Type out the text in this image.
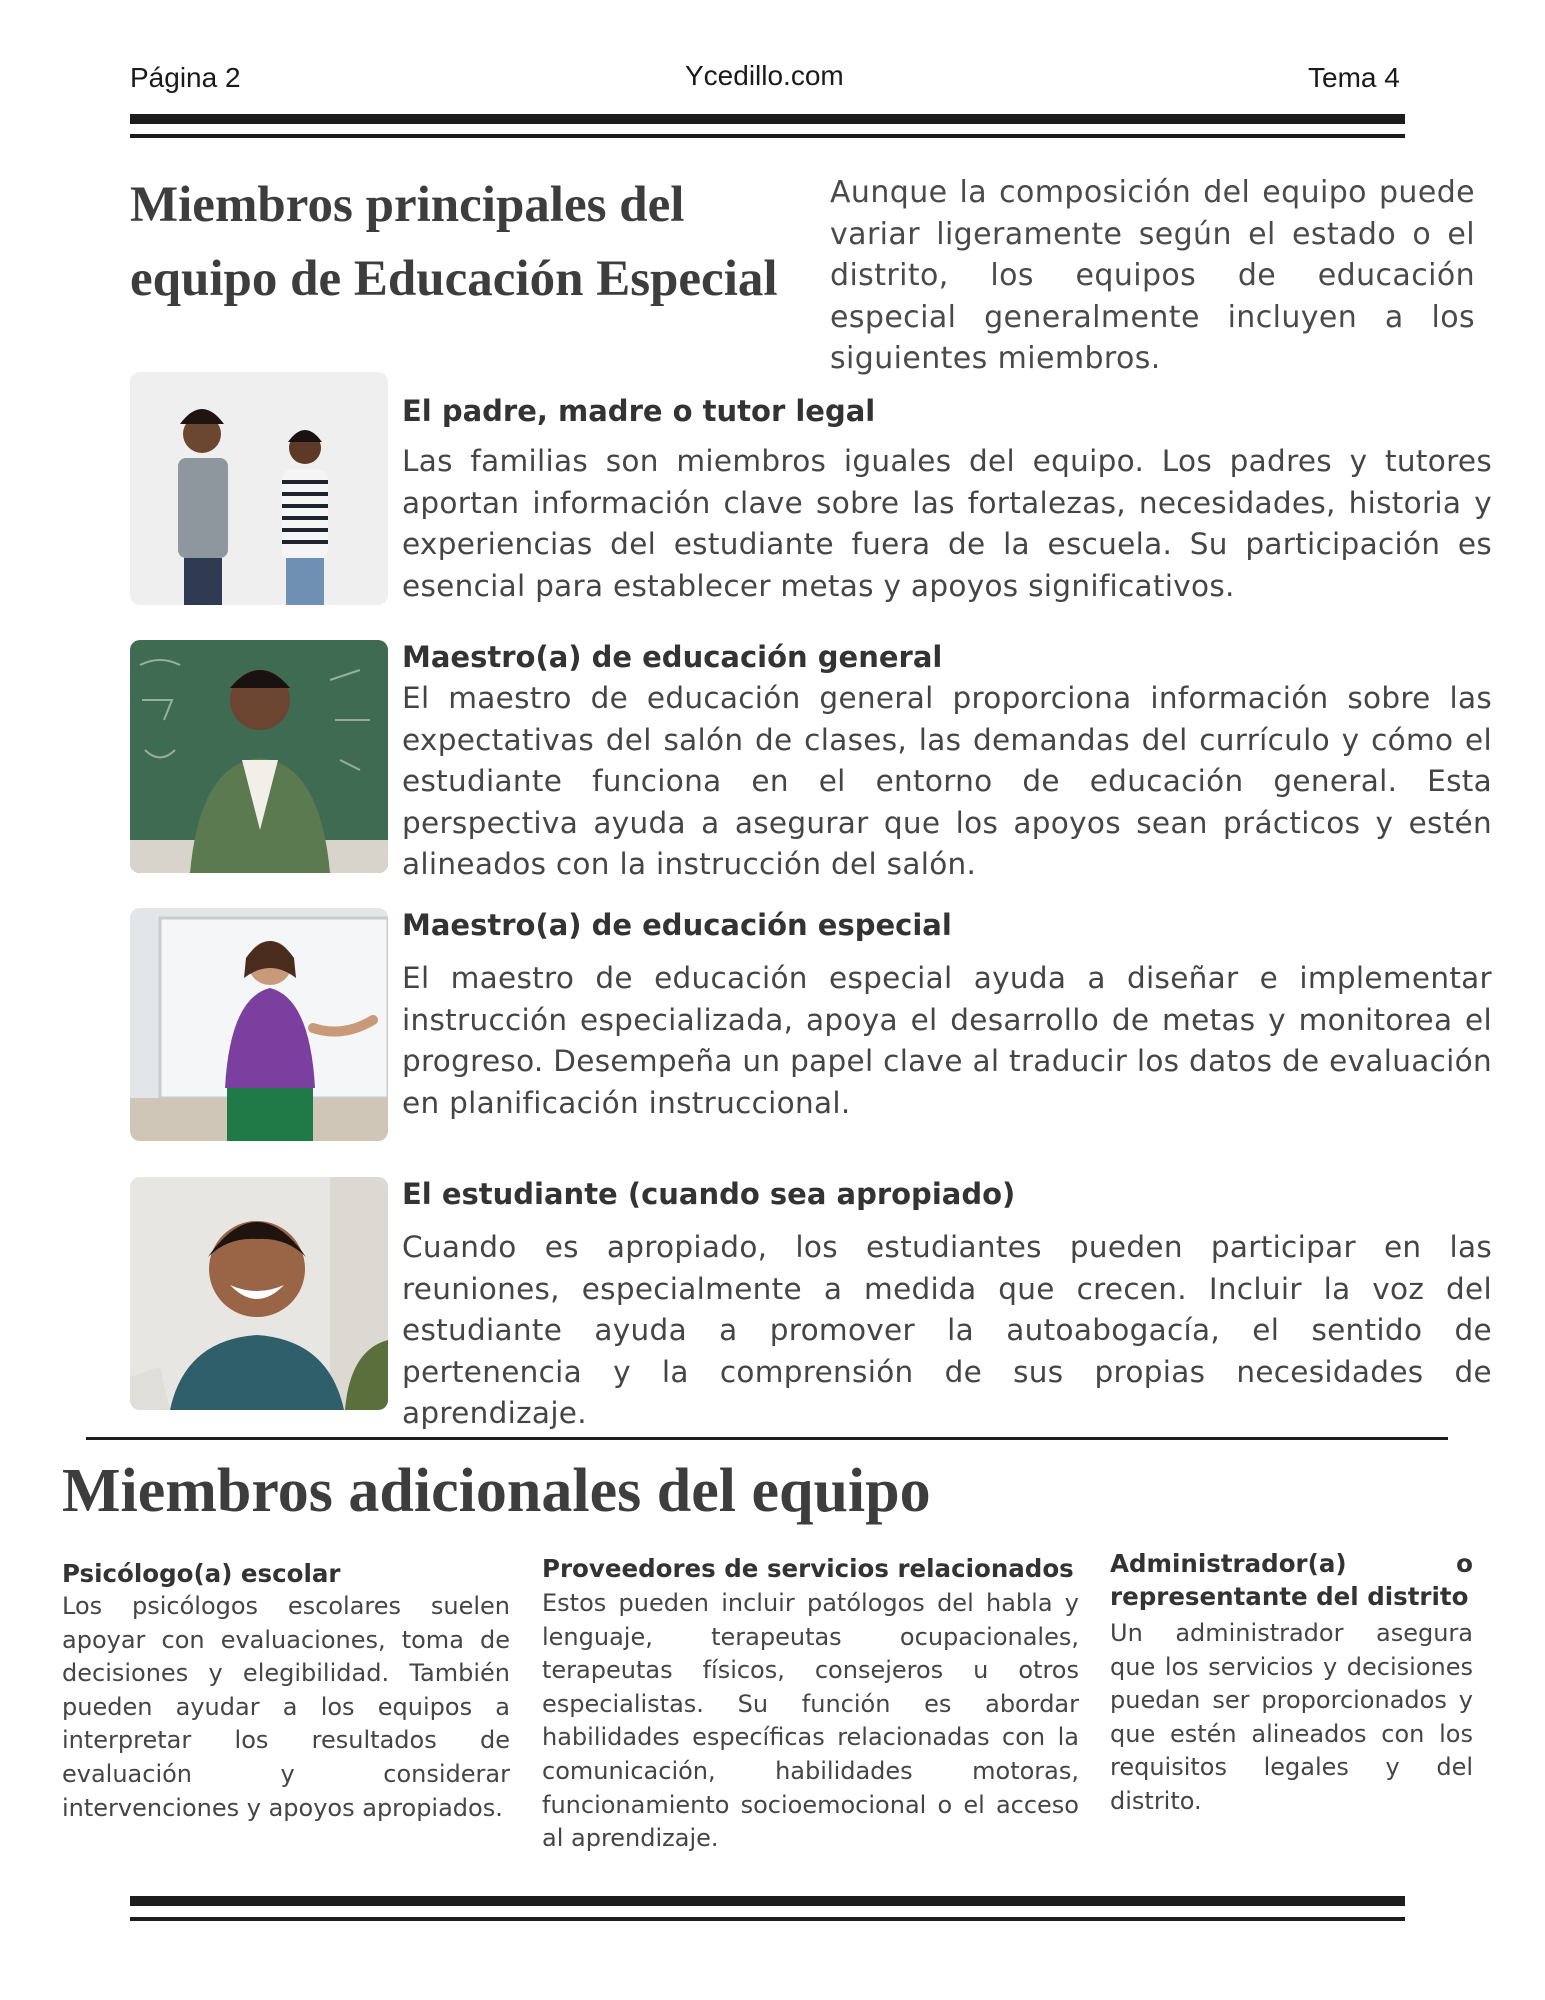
Página 2	Ycedillo.com	Tema 4
Miembros principales del
equipo de Educación Especial
Aunque la composición del equipo puede variar ligeramente según el estado o el distrito, los equipos de educación especial generalmente incluyen a los siguientes miembros.
El padre, madre o tutor legal
Las familias son miembros iguales del equipo. Los padres y tutores aportan información clave sobre las fortalezas, necesidades, historia y experiencias del estudiante fuera de la escuela. Su participación es esencial para establecer metas y apoyos significativos.
Maestro(a) de educación general
El maestro de educación general proporciona información sobre las expectativas del salón de clases, las demandas del currículo y cómo el estudiante funciona en el entorno de educación general. Esta perspectiva ayuda a asegurar que los apoyos sean prácticos y estén alineados con la instrucción del salón.
Maestro(a) de educación especial
El maestro de educación especial ayuda a diseñar e implementar instrucción especializada, apoya el desarrollo de metas y monitorea el progreso. Desempeña un papel clave al traducir los datos de evaluación en planificación instruccional.
El estudiante (cuando sea apropiado)
Cuando es apropiado, los estudiantes pueden participar en las reuniones, especialmente a medida que crecen. Incluir la voz del estudiante ayuda a promover la autoabogacía, el sentido de pertenencia y la comprensión de sus propias necesidades de aprendizaje.
Miembros adicionales del equipo
Psicólogo(a) escolar
Los psicólogos escolares suelen apoyar con evaluaciones, toma de decisiones y elegibilidad. También pueden ayudar a los equipos a interpretar los resultados de evaluación y considerar intervenciones y apoyos apropiados.
Proveedores de servicios relacionados
Estos pueden incluir patólogos del habla y lenguaje, terapeutas ocupacionales, terapeutas físicos, consejeros u otros especialistas. Su función es abordar habilidades específicas relacionadas con la comunicación, habilidades motoras, funcionamiento socioemocional o el acceso al aprendizaje.
Administrador(a) o representante del distrito
Un administrador asegura que los servicios y decisiones puedan ser proporcionados y que estén alineados con los requisitos legales y del distrito.
